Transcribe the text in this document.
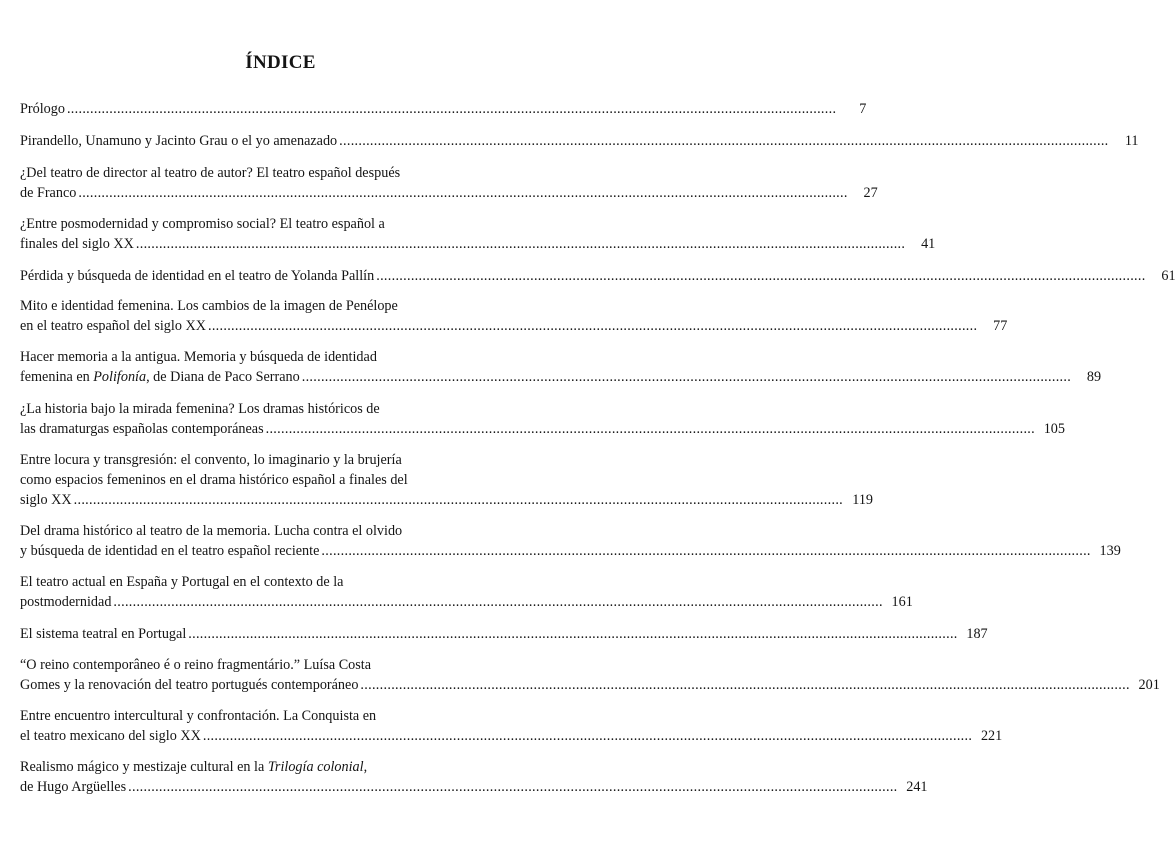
ÍNDICE
Prólogo .....	7
Pirandello, Unamuno y Jacinto Grau o el yo amenazado .....	11
¿Del teatro de director al teatro de autor? El teatro español después
de Franco .....	27
¿Entre posmodernidad y compromiso social? El teatro español a
finales del siglo XX .....	41
Pérdida y búsqueda de identidad en el teatro de Yolanda Pallín .....	61
Mito e identidad femenina. Los cambios de la imagen de Penélope
en el teatro español del siglo XX .....	77
Hacer memoria a la antigua. Memoria y búsqueda de identidad
femenina en Polifonía, de Diana de Paco Serrano .....	89
¿La historia bajo la mirada femenina? Los dramas históricos de
las dramaturgas españolas contemporáneas .....	105
Entre locura y transgresión: el convento, lo imaginario y la brujería
como espacios femeninos en el drama histórico español a finales del
siglo XX .....	119
Del drama histórico al teatro de la memoria. Lucha contra el olvido
y búsqueda de identidad en el teatro español reciente .....	139
El teatro actual en España y Portugal en el contexto de la
postmodernidad .....	161
El sistema teatral en Portugal .....	187
“O reino contemporâneo é o reino fragmentário.” Luísa Costa
Gomes y la renovación del teatro portugués contemporáneo .....	201
Entre encuentro intercultural y confrontación. La Conquista en
el teatro mexicano del siglo XX .....	221
Realismo mágico y mestizaje cultural en la Trilogía colonial,
de Hugo Argüelles .....	241
